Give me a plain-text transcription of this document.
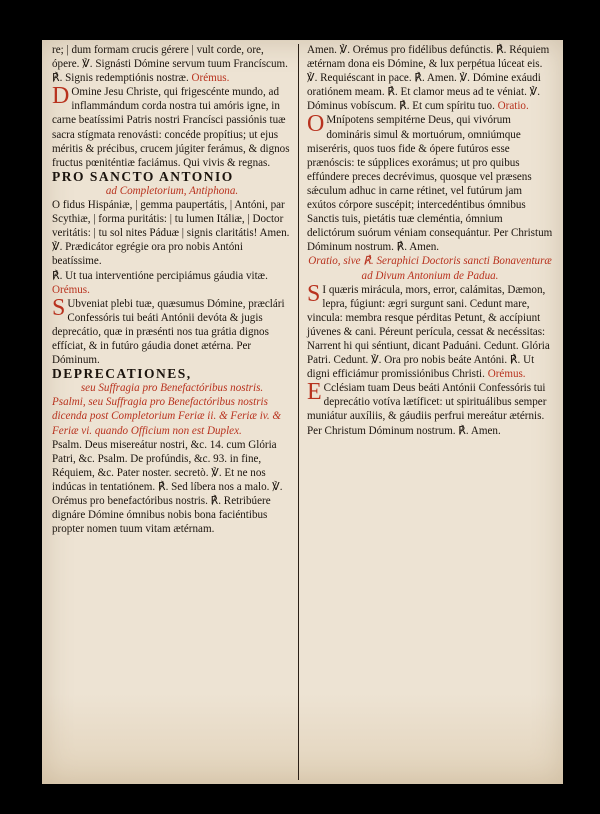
re; | dum formam crucis gérere | vult corde, ore, ópere. ℣. Signásti Dómine servum tuum Francíscum. ℟. Signis redemptiónis nostræ. Orémus.

D Omine Jesu Christe, qui frigescénte mundo, ad inflammándum corda nostra tui amóris igne, in carne beatíssimi Patris nostri Francísci passiónis tuæ sacra stígmata renovásti: concéde propítius; ut ejus méritis & précibus, crucem júgiter ferámus, & dignos fructus pœniténtiæ faciámus. Qui vivis & regnas.

PRO SANCTO ANTONIO

ad Completorium, Antiphona.

O fidus Hispániæ, | gemma paupertátis, | Antóni, par Scythiæ, | forma puritátis: | tu lumen Itáliæ, | Doctor veritátis: | tu sol nites Páduæ | signis claritátis! Amen. ℣. Prædicátor egrégie ora pro nobis Antóni beatíssime.

℟. Ut tua interventióne percipiámus gáudia vitæ. Orémus.

S Ubveniat plebi tuæ, quæsumus Dómine, præclári Confessóris tui beáti Antónii devóta & jugis deprecátio, quæ in præsénti nos tua grátia dignos effíciat, & in futúro gáudia donet ætérna. Per Dóminum.

DEPRECATIONES,

seu Suffragia pro Benefactóribus nostris.

Psalmi, seu Suffragia pro Benefactóribus nostris dicenda post Completorium Feriæ ii. & Feriæ iv. & Feriæ vi. quando Officium non est Duplex.

Psalm. Deus misereátur nostri, &c. 14. cum Glória Patri, &c. Psalm. De profúndis, &c. 93. in fine, Réquiem, &c. Pater noster. secretò. ℣. Et ne nos indúcas in tentatiónem. ℟. Sed líbera nos a malo. ℣. Orémus pro benefactóribus nostris. ℟. Retribúere dignáre Dómine ómnibus nobis bona faciéntibus propter nomen tuum vitam ætérnam.

Amen. ℣. Orémus pro fidélibus defúnctis. ℟. Réquiem ætérnam dona eis Dómine, & lux perpétua lúceat eis. ℣. Requiéscant in pace. ℟. Amen. ℣. Dómine exáudi oratiónem meam. ℟. Et clamor meus ad te véniat. ℣. Dóminus vobíscum. ℟. Et cum spíritu tuo. Oratio.

O Mnípotens sempitérne Deus, qui vivórum domináris simul & mortuórum, omniúmque miseréris, quos tuos fide & ópere futúros esse prænóscis: te súpplices exorámus; ut pro quibus effúndere preces decrévimus, quosque vel præsens sǽculum adhuc in carne rétinet, vel futúrum jam exútos córpore suscépit; intercedéntibus ómnibus Sanctis tuis, pietátis tuæ cleméntia, ómnium delictórum suórum véniam consequántur. Per Christum Dóminum nostrum. ℟. Amen.

Oratio, sive ℟. Seraphici Doctoris sancti Bonaventuræ ad Divum Antonium de Padua.

S I quæris mirácula, mors, error, calámitas, Dæmon, lepra, fúgiunt: ægri surgunt sani. Cedunt mare, vincula: membra resque pérditas Petunt, & accípiunt júvenes & cani. Péreunt perícula, cessat & necéssitas: Narrent hi qui séntiunt, dicant Paduáni. Cedunt. Glória Patri. Cedunt. ℣. Ora pro nobis beáte Antóni. ℟. Ut digni efficiámur promissiónibus Christi. Orémus.

E Cclésiam tuam Deus beáti Antónii Confessóris tui deprecátio votíva lætíficet: ut spirituálibus semper muniátur auxíliis, & gáudiis perfrui mereátur ætérnis. Per Christum Dóminum nostrum. ℟. Amen.
